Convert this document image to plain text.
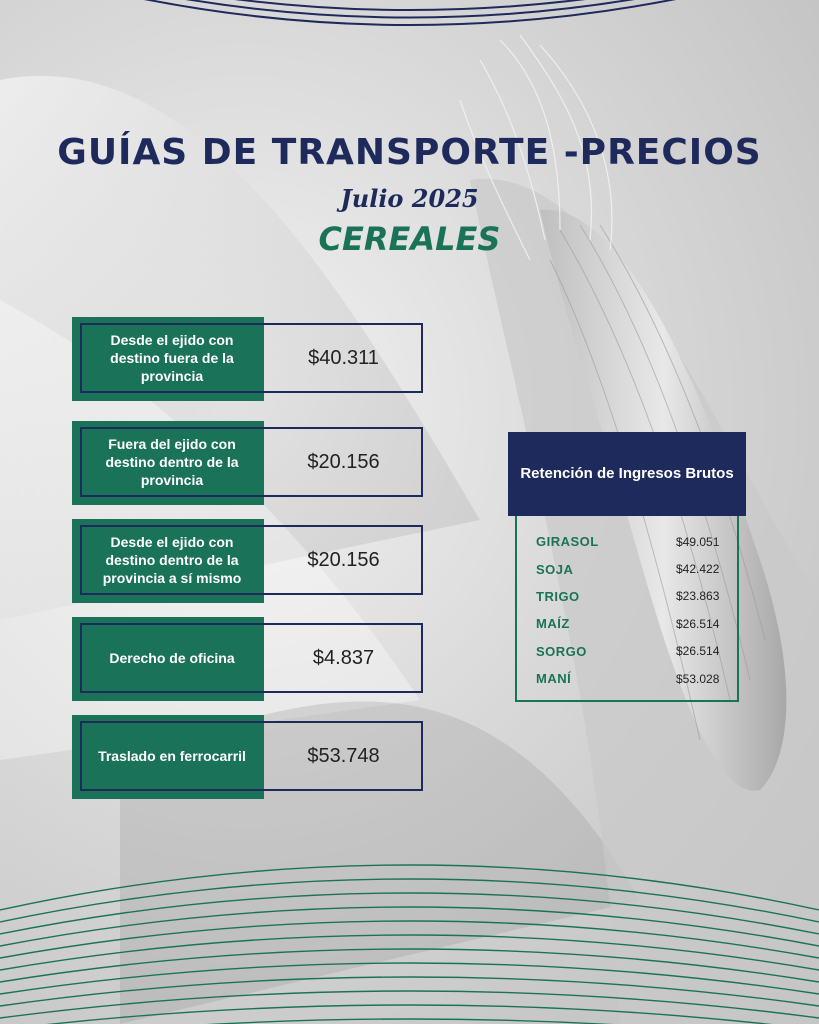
GUÍAS DE TRANSPORTE -PRECIOS
Julio 2025
CEREALES
Desde el ejido con destino fuera de la provincia
$40.311
Fuera del ejido con destino dentro de la provincia
$20.156
Desde el ejido con destino dentro de la provincia a sí mismo
$20.156
Derecho de oficina	$4.837
Traslado en ferrocarril	$53.748
Retención de Ingresos Brutos
GIRASOL	$49.051
SOJA	$42.422
TRIGO	$23.863
MAÍZ	$26.514
SORGO	$26.514
MANÍ	$53.028
